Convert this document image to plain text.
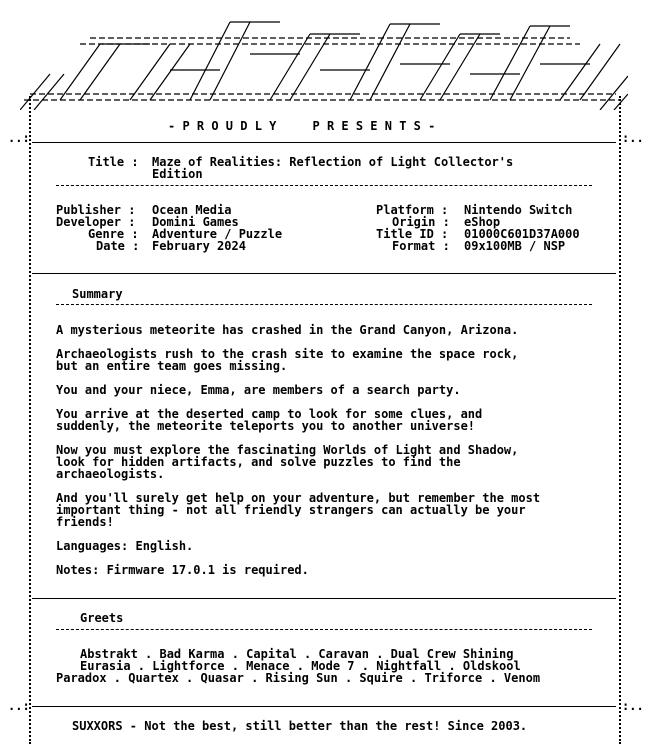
..:	:..
..:	:..
- P R O U D L Y     P R E S E N T S -
Title : Maze of Realities: Reflection of Light Collector's
Edition
Publisher : Ocean Media
Developer : Domini Games
Genre : Adventure / Puzzle
Date : February 2024
Platform : Nintendo Switch
Origin : eShop
Title ID : 01000C601D37A000
Format : 09x100MB / NSP
Summary
A mysterious meteorite has crashed in the Grand Canyon, Arizona.
Archaeologists rush to the crash site to examine the space rock,
but an entire team goes missing.
You and your niece, Emma, are members of a search party.
You arrive at the deserted camp to look for some clues, and
suddenly, the meteorite teleports you to another universe!
Now you must explore the fascinating Worlds of Light and Shadow,
look for hidden artifacts, and solve puzzles to find the
archaeologists.
And you'll surely get help on your adventure, but remember the most
important thing - not all friendly strangers can actually be your
friends!
Languages: English.
Notes: Firmware 17.0.1 is required.
Greets
Abstrakt . Bad Karma . Capital . Caravan . Dual Crew Shining
Eurasia . Lightforce . Menace . Mode 7 . Nightfall . Oldskool
Paradox . Quartex . Quasar . Rising Sun . Squire . Triforce . Venom
SUXXORS - Not the best, still better than the rest! Since 2003.
